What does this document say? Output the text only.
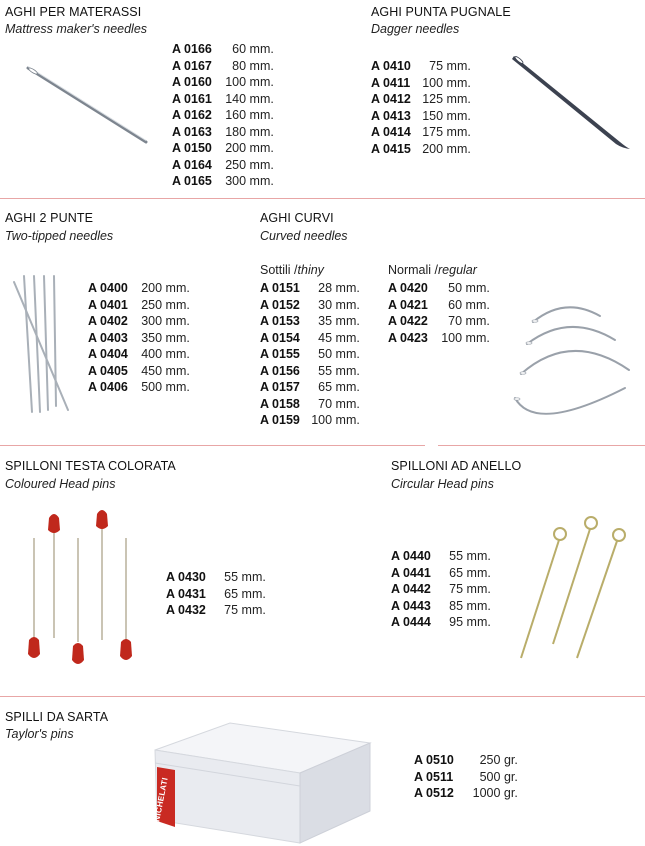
AGHI PER MATERASSI
Mattress maker's needles
A 0166	60 mm.
A 0167	80 mm.
A 0160	100 mm.
A 0161	140 mm.
A 0162	160 mm.
A 0163	180 mm.
A 0150	200 mm.
A 0164	250 mm.
A 0165	300 mm.
AGHI PUNTA PUGNALE
Dagger needles
A 0410	75 mm.
A 0411	100 mm.
A 0412	125 mm.
A 0413	150 mm.
A 0414	175 mm.
A 0415	200 mm.
AGHI 2 PUNTE
Two-tipped needles
A 0400	200 mm.
A 0401	250 mm.
A 0402	300 mm.
A 0403	350 mm.
A 0404	400 mm.
A 0405	450 mm.
A 0406	500 mm.
AGHI CURVI
Curved needles
Sottili /thiny	Normali /regular
A 0151	28 mm.
A 0152	30 mm.
A 0153	35 mm.
A 0154	45 mm.
A 0155	50 mm.
A 0156	55 mm.
A 0157	65 mm.
A 0158	70 mm.
A 0159	100 mm.
A 0420	50 mm.
A 0421	60 mm.
A 0422	70 mm.
A 0423	100 mm.
SPILLONI TESTA COLORATA
Coloured Head pins
A 0430	55 mm.
A 0431	65 mm.
A 0432	75 mm.
SPILLONI AD ANELLO
Circular Head pins
A 0440	55 mm.
A 0441	65 mm.
A 0442	75 mm.
A 0443	85 mm.
A 0444	95 mm.
SPILLI DA SARTA
Taylor's pins
NICHELATI
A 0510	250 gr.
A 0511	500 gr.
A 0512	1000 gr.
